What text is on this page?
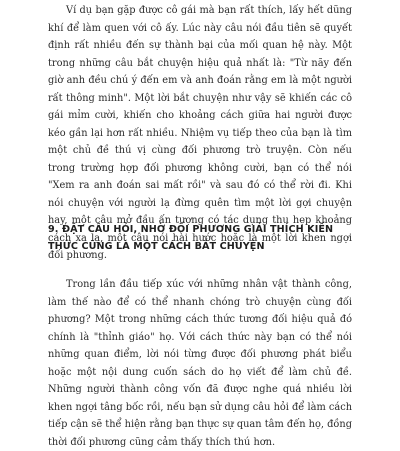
Ví dụ bạn gặp được cô gái mà bạn rất thích, lấy hết dũng khí để làm quen với cô ấy. Lúc này câu nói đầu tiên sẽ quyết định rất nhiều đến sự thành bại của mối quan hệ này. Một trong những câu bắt chuyện hiệu quả nhất là: "Từ nãy đến giờ anh đều chú ý đến em và anh đoán rằng em là một người rất thông minh". Một lời bắt chuyện như vậy sẽ khiến các cô gái mỉm cười, khiến cho khoảng cách giữa hai người được kéo gần lại hơn rất nhiều. Nhiệm vụ tiếp theo của bạn là tìm một chủ đề thú vị cùng đối phương trò truyện. Còn nếu trong trường hợp đối phương không cười, bạn có thể nói "Xem ra anh đoán sai mất rồi" và sau đó có thể rời đi. Khi nói chuyện với người lạ đừng quên tìm một lời gợi chuyện hay, một câu mở đầu ấn tượng có tác dụng thu hẹp khoảng cách xa lạ, một câu nói hài hước hoặc là một lời khen ngợi đối phương.

9. ĐẶT CÂU HỎI, NHỜ ĐỐI PHƯƠNG GIẢI THÍCH KIẾN THỨC CŨNG LÀ MỘT CÁCH BẮT CHUYỆN

Trong lần đầu tiếp xúc với những nhân vật thành công, làm thế nào để có thể nhanh chóng trò chuyện cùng đối phương? Một trong những cách thức tương đối hiệu quả đó chính là "thỉnh giáo" họ. Với cách thức này bạn có thể nói những quan điểm, lời nói từng được đối phương phát biểu hoặc một nội dung cuốn sách do họ viết để làm chủ đề. Những người thành công vốn đã được nghe quá nhiều lời khen ngợi tâng bốc rồi, nếu bạn sử dụng câu hỏi để làm cách tiếp cận sẽ thể hiện rằng bạn thực sự quan tâm đến họ, đồng thời đối phương cũng cảm thấy thích thú hơn.
